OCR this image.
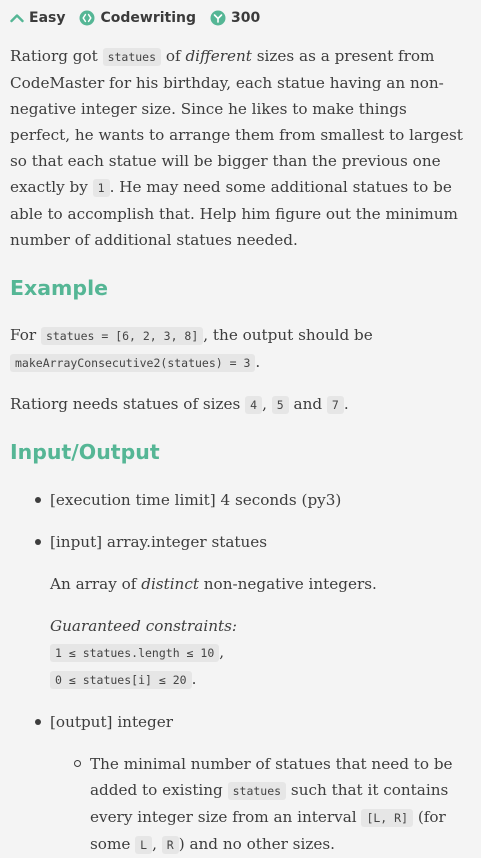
Easy	Codewriting	300

Ratiorg got statues of different sizes as a present from CodeMaster for his birthday, each statue having an non-negative integer size. Since he likes to make things perfect, he wants to arrange them from smallest to largest so that each statue will be bigger than the previous one exactly by 1 . He may need some additional statues to be able to accomplish that. Help him figure out the minimum number of additional statues needed.

Example

For statues = [6, 2, 3, 8] , the output should be
makeArrayConsecutive2(statues) = 3 .

Ratiorg needs statues of sizes 4 , 5 and 7 .

Input/Output
[execution time limit] 4 seconds (py3)
[input] array.integer statues

An array of distinct non-negative integers.

Guaranteed constraints:
1 ≤ statues.length ≤ 10 ,
0 ≤ statues[i] ≤ 20 .

[output] integer
The minimal number of statues that need to be added to existing statues such that it contains every integer size from an interval [L, R] (for some L , R ) and no other sizes.
